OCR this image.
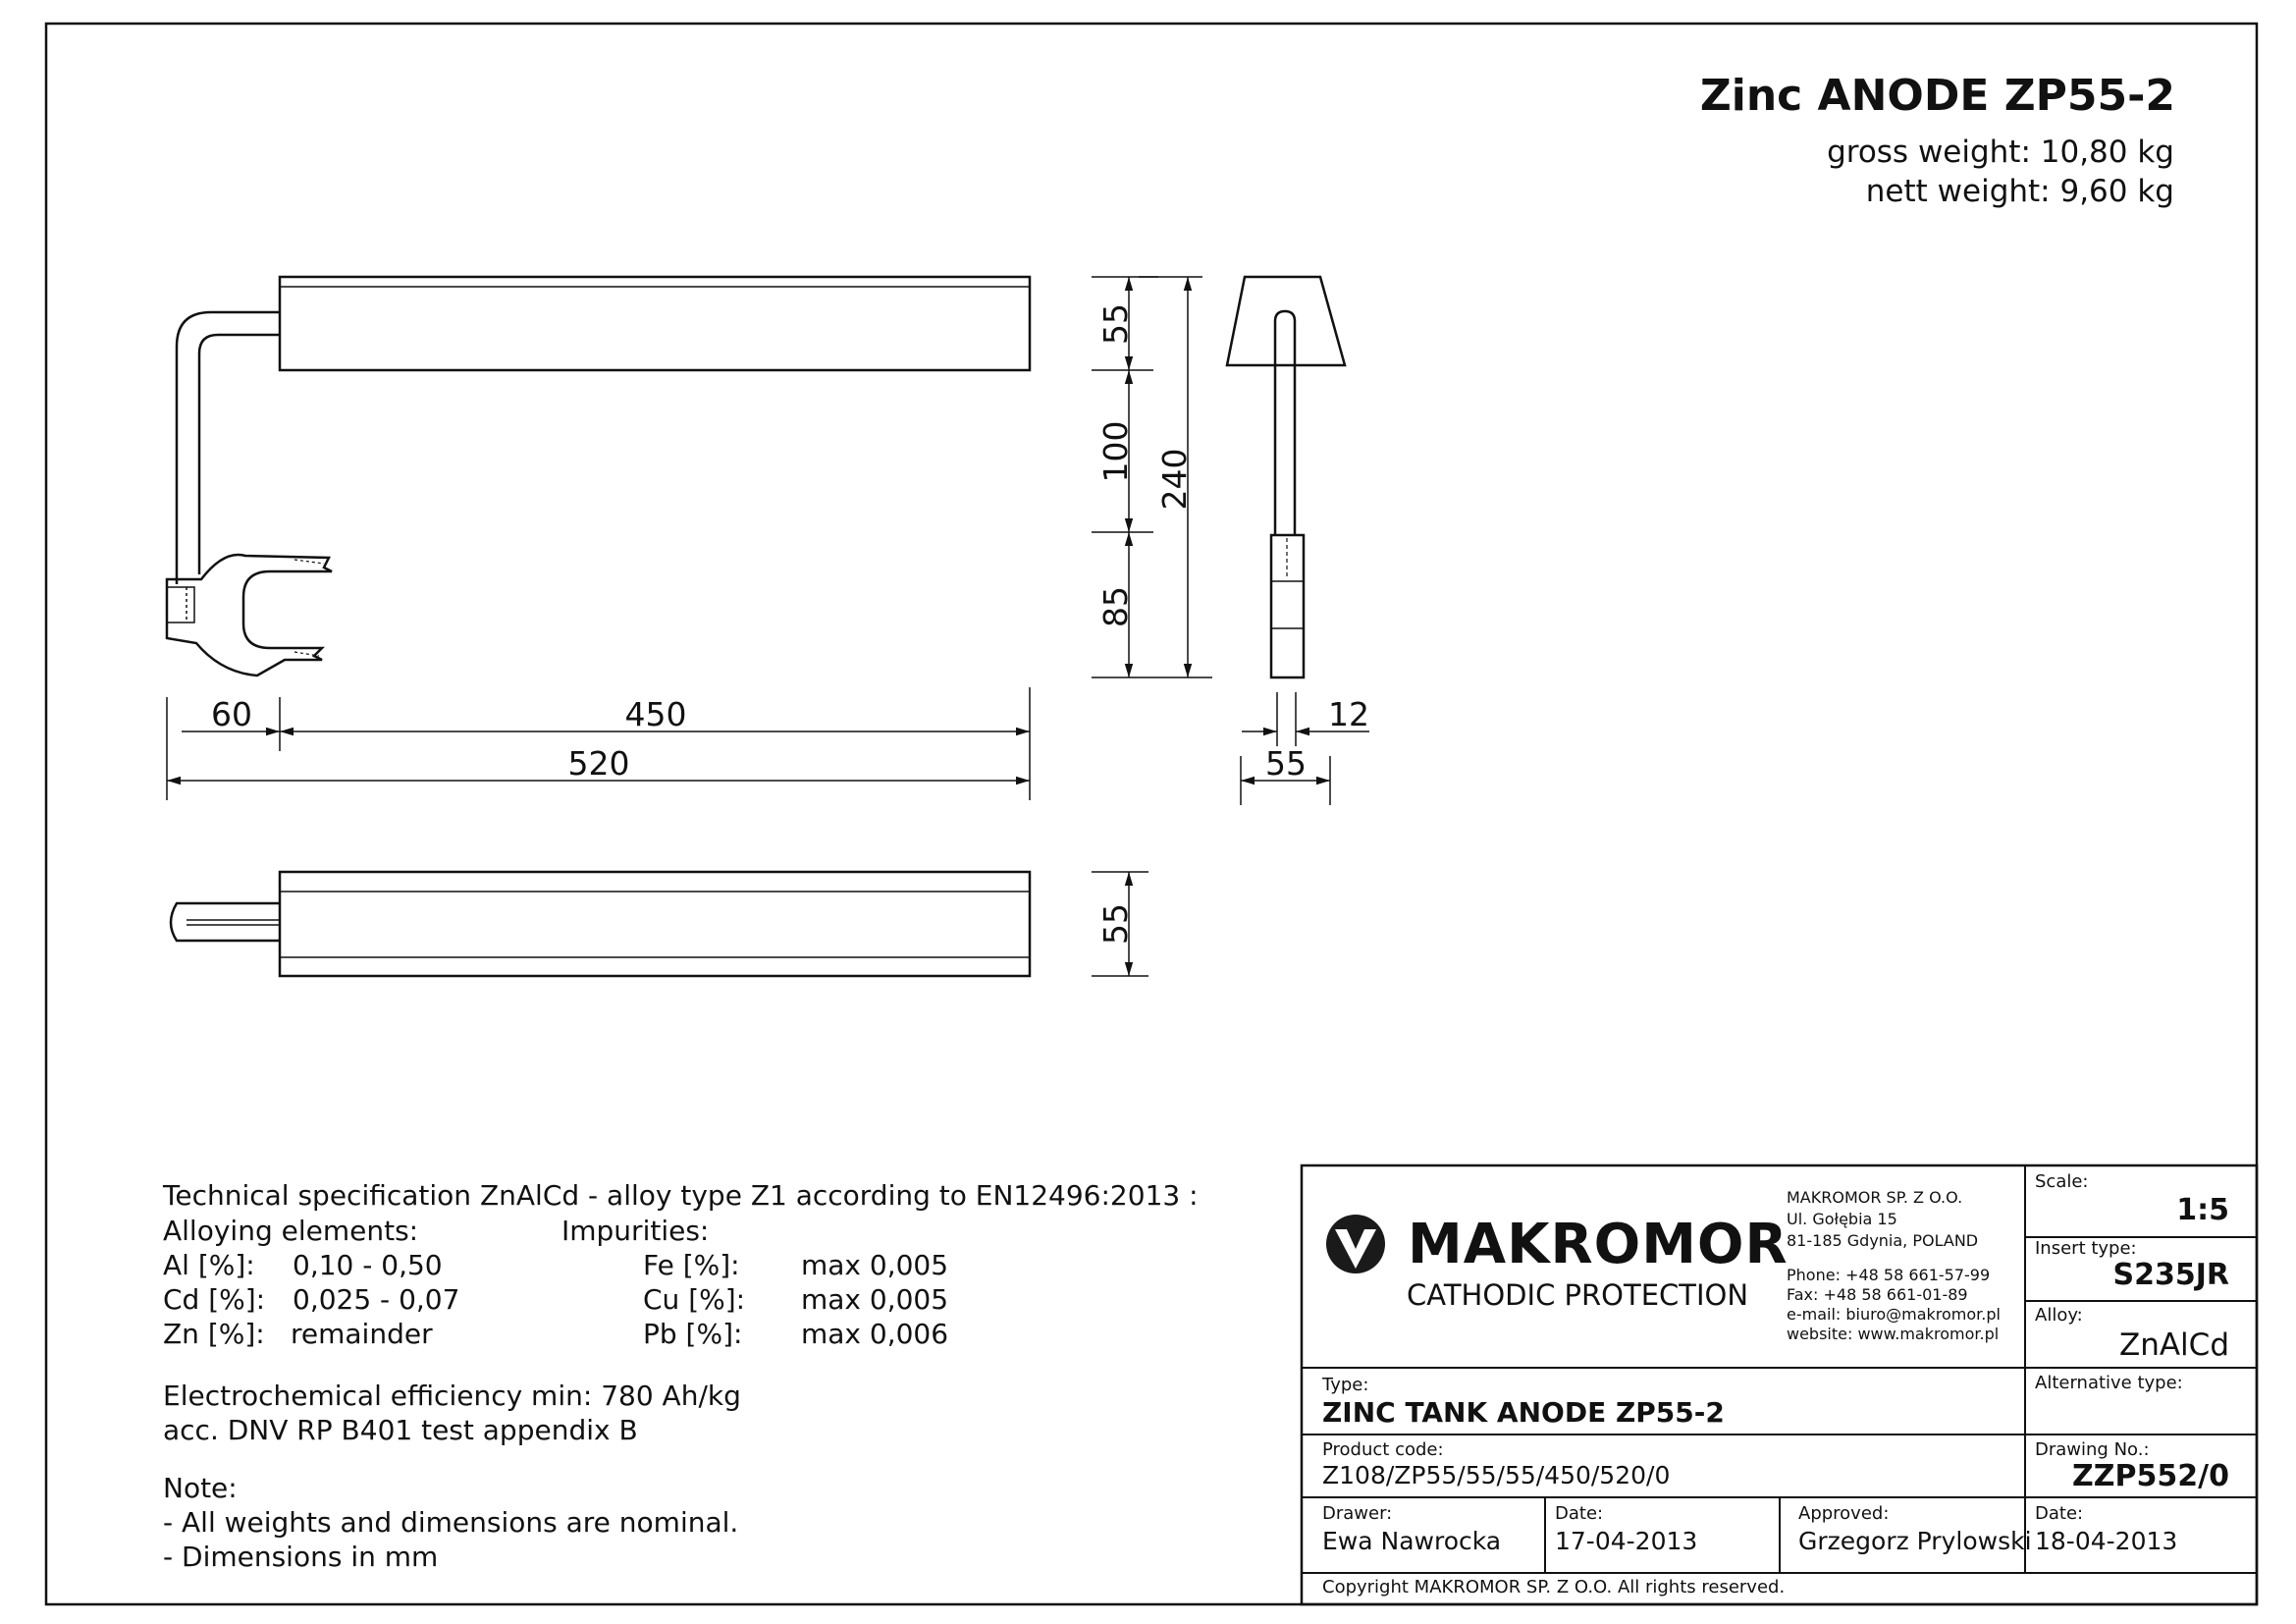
55
100 240
85
60	450
520
12
55
55
Zinc ANODE ZP55-2
gross weight: 10,80 kg
nett weight: 9,60 kg
Technical specification ZnAlCd - alloy type Z1 according to EN12496:2013 :
Alloying elements:	Impurities:
Al [%]: 0,10 - 0,50
Cd [%]: 0,025 - 0,07
Zn [%]: remainder
Fe [%]: max 0,005
Cu [%]: max 0,005
Pb [%]: max 0,006
Electrochemical efficiency min: 780 Ah/kg
acc. DNV RP B401 test appendix B
Note:
- All weights and dimensions are nominal.
- Dimensions in mm
MAKROMOR
CATHODIC PROTECTION
MAKROMOR SP. Z O.O.
Ul. Gołębia 15
81-185 Gdynia, POLAND
Phone: +48 58 661-57-99
Fax: +48 58 661-01-89
e-mail: biuro@makromor.pl
website: www.makromor.pl
Scale:
1:5
Insert type:
S235JR
Alloy:
ZnAlCd
Alternative type:
Type:
ZINC TANK ANODE ZP55-2
Product code:
Z108/ZP55/55/55/450/520/0
Drawing No.:
ZZP552/0
Drawer:
Ewa Nawrocka
Date:
17-04-2013
Approved:
Grzegorz Prylowski
Date:
18-04-2013
Copyright MAKROMOR SP. Z O.O. All rights reserved.
